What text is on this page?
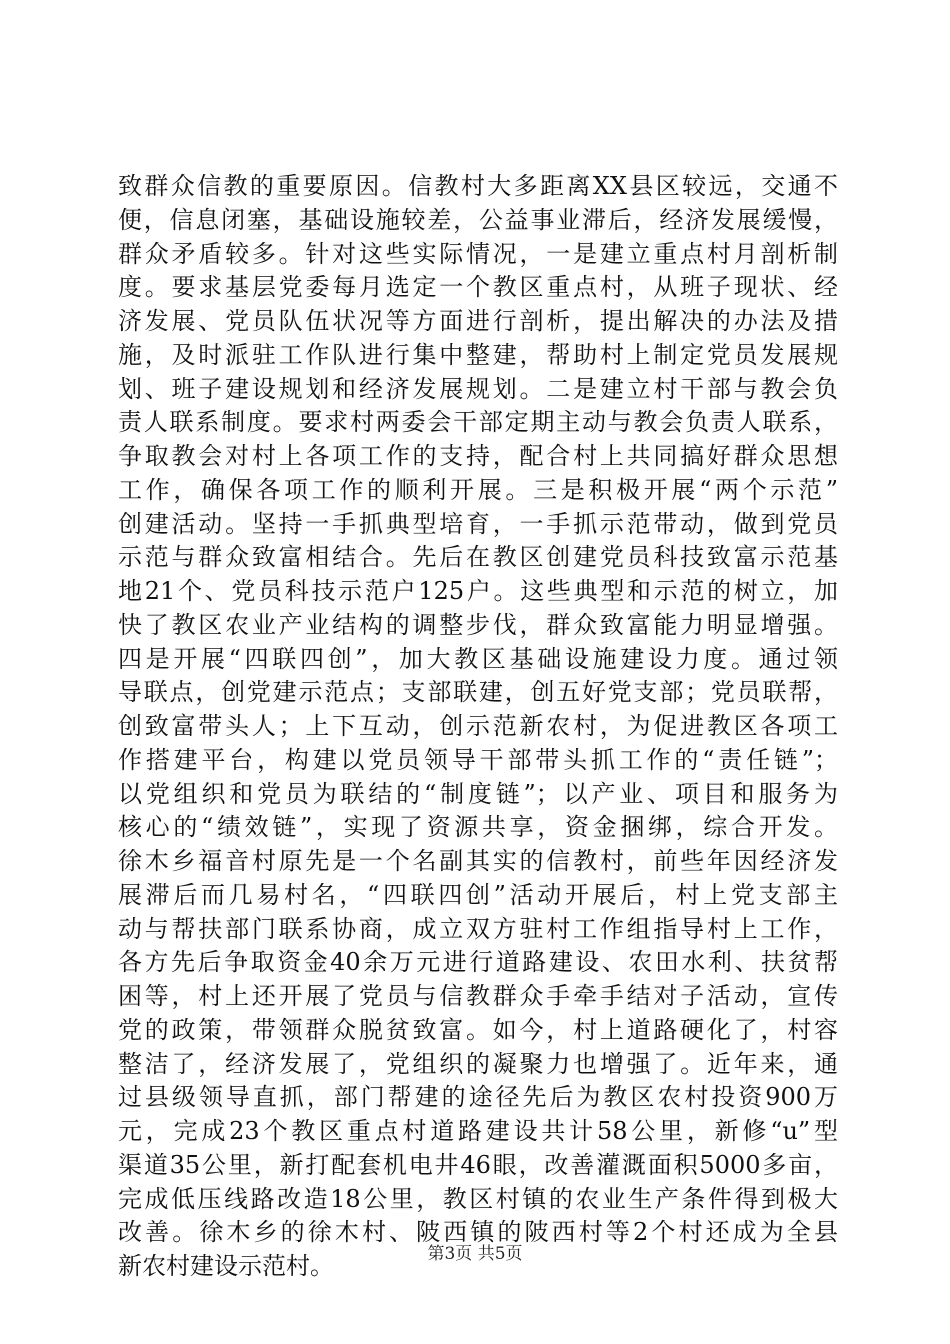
致群众信教的重要原因。信教村大多距离XX县区较远，交通不
便，信息闭塞，基础设施较差，公益事业滞后，经济发展缓慢，
群众矛盾较多。针对这些实际情况，一是建立重点村月剖析制
度。要求基层党委每月选定一个教区重点村，从班子现状、经
济发展、党员队伍状况等方面进行剖析，提出解决的办法及措
施，及时派驻工作队进行集中整建，帮助村上制定党员发展规
划、班子建设规划和经济发展规划。二是建立村干部与教会负
责人联系制度。要求村两委会干部定期主动与教会负责人联系，
争取教会对村上各项工作的支持，配合村上共同搞好群众思想
工作，确保各项工作的顺利开展。三是积极开展“两个示范”
创建活动。坚持一手抓典型培育，一手抓示范带动，做到党员
示范与群众致富相结合。先后在教区创建党员科技致富示范基
地21个、党员科技示范户125户。这些典型和示范的树立，加
快了教区农业产业结构的调整步伐，群众致富能力明显增强。
四是开展“四联四创”，加大教区基础设施建设力度。通过领
导联点，创党建示范点；支部联建，创五好党支部；党员联帮，
创致富带头人；上下互动，创示范新农村，为促进教区各项工
作搭建平台，构建以党员领导干部带头抓工作的“责任链”；
以党组织和党员为联结的“制度链”；以产业、项目和服务为
核心的“绩效链”，实现了资源共享，资金捆绑，综合开发。
徐木乡福音村原先是一个名副其实的信教村，前些年因经济发
展滞后而几易村名，“四联四创”活动开展后，村上党支部主
动与帮扶部门联系协商，成立双方驻村工作组指导村上工作，
各方先后争取资金40余万元进行道路建设、农田水利、扶贫帮
困等，村上还开展了党员与信教群众手牵手结对子活动，宣传
党的政策，带领群众脱贫致富。如今，村上道路硬化了，村容
整洁了，经济发展了，党组织的凝聚力也增强了。近年来，通
过县级领导直抓，部门帮建的途径先后为教区农村投资900万
元，完成23个教区重点村道路建设共计58公里，新修“u”型
渠道35公里，新打配套机电井46眼，改善灌溉面积5000多亩，
完成低压线路改造18公里，教区村镇的农业生产条件得到极大
改善。徐木乡的徐木村、陂西镇的陂西村等2个村还成为全县
新农村建设示范村。	第3页 共5页
